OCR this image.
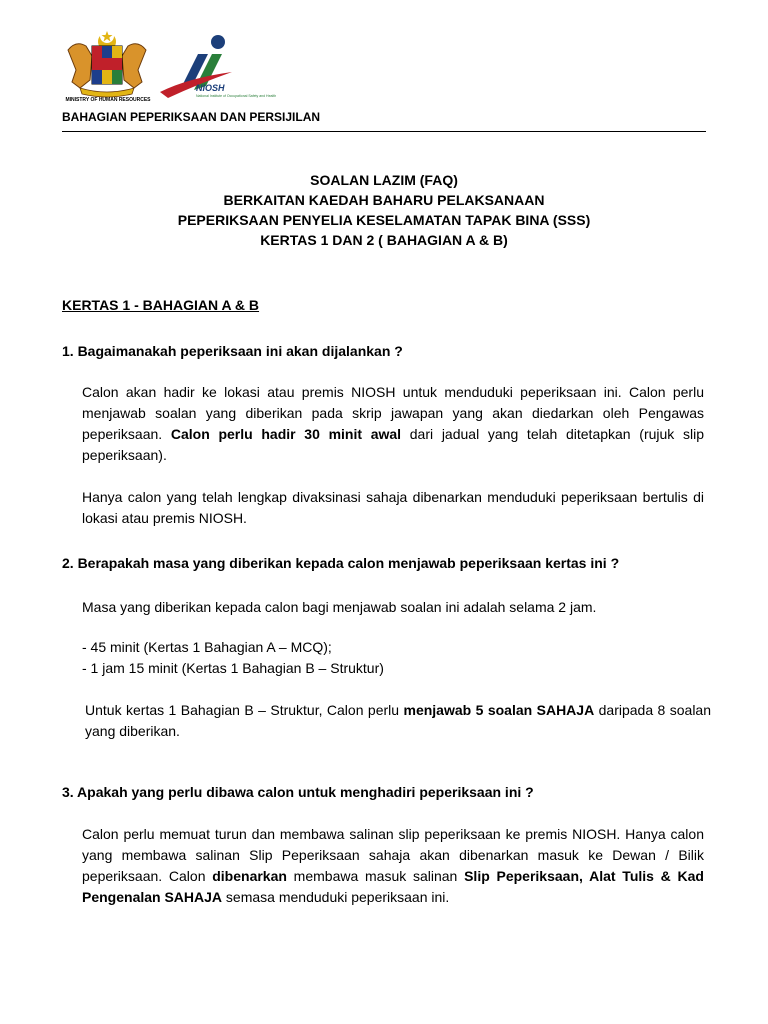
MINISTRY OF HUMAN RESOURCES
NIOSH
National Institute of Occupational Safety and Health
BAHAGIAN PEPERIKSAAN DAN PERSIJILAN
SOALAN LAZIM (FAQ)
BERKAITAN KAEDAH BAHARU PELAKSANAAN
PEPERIKSAAN PENYELIA KESELAMATAN TAPAK BINA (SSS)
KERTAS 1 DAN 2 ( BAHAGIAN A & B)
KERTAS 1 - BAHAGIAN A & B
1. Bagaimanakah peperiksaan ini akan dijalankan ?
Calon akan hadir ke lokasi atau premis NIOSH untuk menduduki peperiksaan ini. Calon perlu menjawab soalan yang diberikan pada skrip jawapan yang akan diedarkan oleh Pengawas peperiksaan. Calon perlu hadir 30 minit awal dari jadual yang telah ditetapkan (rujuk slip peperiksaan).
Hanya calon yang telah lengkap divaksinasi sahaja dibenarkan menduduki peperiksaan bertulis di lokasi atau premis NIOSH.
2. Berapakah masa yang diberikan kepada calon menjawab peperiksaan kertas ini ?
Masa yang diberikan kepada calon bagi menjawab soalan ini adalah selama 2 jam.
- 45 minit (Kertas 1 Bahagian A – MCQ);
- 1 jam 15 minit (Kertas 1 Bahagian B – Struktur)
Untuk kertas 1 Bahagian B – Struktur, Calon perlu menjawab 5 soalan SAHAJA daripada 8 soalan yang diberikan.
3. Apakah yang perlu dibawa calon untuk menghadiri peperiksaan ini ?
Calon perlu memuat turun dan membawa salinan slip peperiksaan ke premis NIOSH. Hanya calon yang membawa salinan Slip Peperiksaan sahaja akan dibenarkan masuk ke Dewan / Bilik peperiksaan. Calon dibenarkan membawa masuk salinan Slip Peperiksaan, Alat Tulis & Kad Pengenalan SAHAJA semasa menduduki peperiksaan ini.
